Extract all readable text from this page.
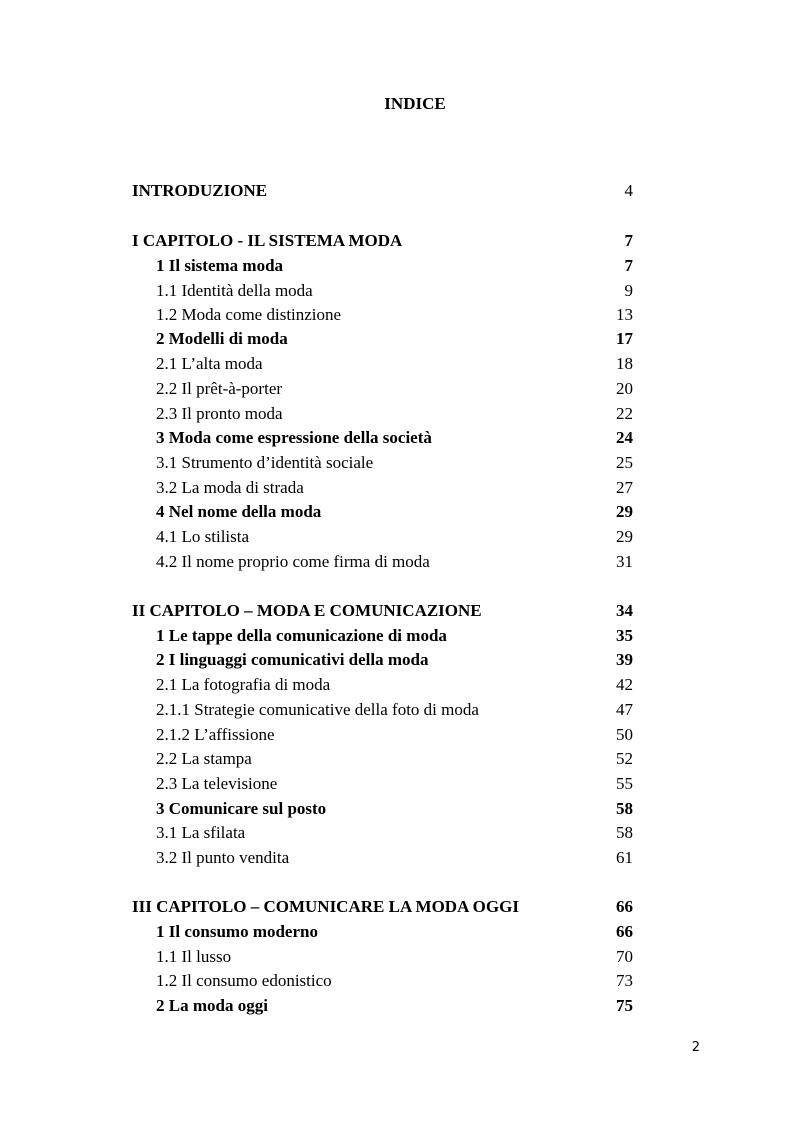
INDICE
INTRODUZIONE	4
I CAPITOLO - IL SISTEMA MODA	7
1 Il sistema moda	7
1.1 Identità della moda	9
1.2 Moda come distinzione	13
2 Modelli di moda	17
2.1 L’alta moda	18
2.2 Il prêt-à-porter	20
2.3 Il pronto moda	22
3 Moda come espressione della società	24
3.1 Strumento d’identità sociale	25
3.2 La moda di strada	27
4 Nel nome della moda	29
4.1 Lo stilista	29
4.2 Il nome proprio come firma di moda	31
II CAPITOLO – MODA E COMUNICAZIONE	34
1 Le tappe della comunicazione di moda	35
2 I linguaggi comunicativi della moda	39
2.1 La fotografia di moda	42
2.1.1 Strategie comunicative della foto di moda	47
2.1.2 L’affissione	50
2.2 La stampa	52
2.3 La televisione	55
3 Comunicare sul posto	58
3.1 La sfilata	58
3.2 Il punto vendita	61
III CAPITOLO – COMUNICARE LA MODA OGGI	66
1 Il consumo moderno	66
1.1 Il lusso	70
1.2 Il consumo edonistico	73
2 La moda oggi	75
2
